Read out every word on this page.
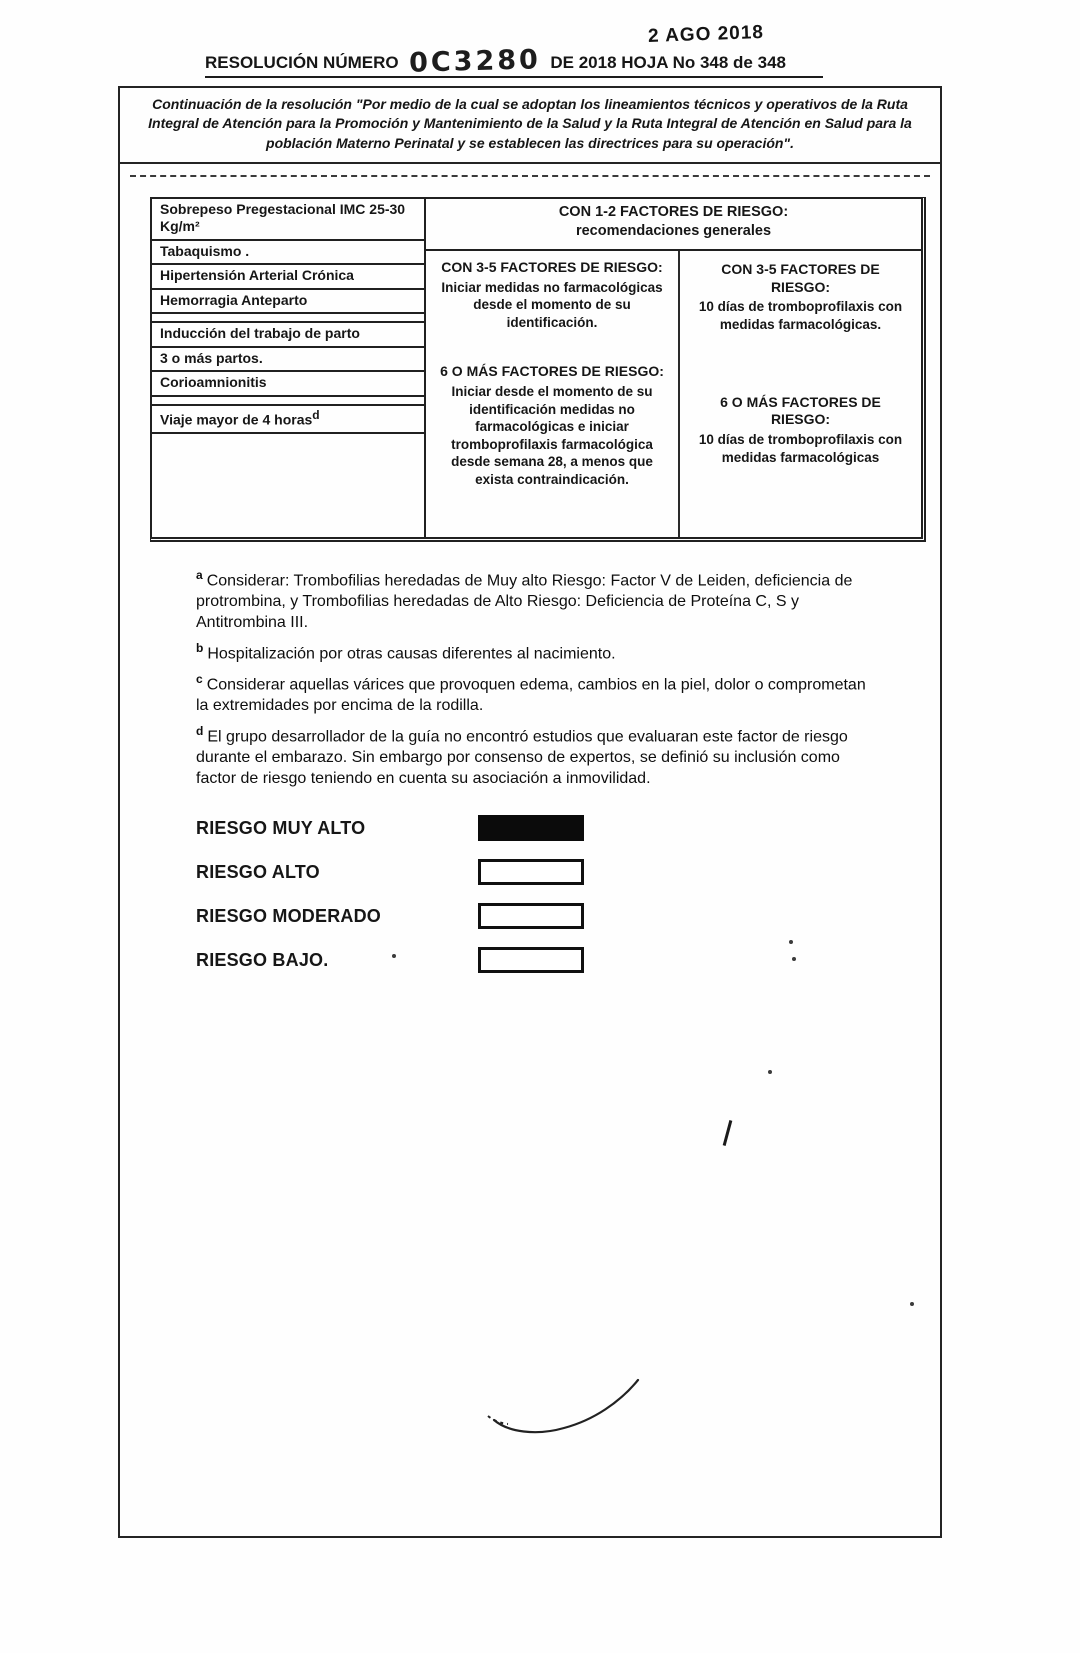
RESOLUCIÓN NÚMERO 0C3280 DE 2018 HOJA No 348 de 348
2 AGO 2018
Continuación de la resolución "Por medio de la cual se adoptan los lineamientos técnicos y operativos de la Ruta Integral de Atención para la Promoción y Mantenimiento de la Salud y la Ruta Integral de Atención en Salud para la población Materno Perinatal y se establecen las directrices para su operación".
Sobrepeso Pregestacional IMC 25-30 Kg/m²
Tabaquismo .
Hipertensión Arterial Crónica
Hemorragia Anteparto
Inducción del trabajo de parto
3 o más partos.
Corioamnionitis
Viaje mayor de 4 horas$^d$
CON 1-2 FACTORES DE RIESGO:
recomendaciones generales
CON 3-5 FACTORES DE RIESGO:
Iniciar medidas no farmacológicas desde el momento de su identificación.
6 O MÁS FACTORES DE RIESGO:
Iniciar desde el momento de su identificación medidas no farmacológicas e iniciar tromboprofilaxis farmacológica desde semana 28, a menos que exista contraindicación.
CON 3-5 FACTORES DE RIESGO:
10 días de tromboprofilaxis con medidas farmacológicas.
6 O MÁS FACTORES DE RIESGO:
10 días de tromboprofilaxis con medidas farmacológicas

$^a$ Considerar: Trombofilias heredadas de Muy alto Riesgo: Factor V de Leiden, deficiencia de protrombina, y Trombofilias heredadas de Alto Riesgo: Deficiencia de Proteína C, S y Antitrombina III.

$^b$ Hospitalización por otras causas diferentes al nacimiento.

$^c$ Considerar aquellas várices que provoquen edema, cambios en la piel, dolor o comprometan la extremidades por encima de la rodilla.

$^d$ El grupo desarrollador de la guía no encontró estudios que evaluaran este factor de riesgo durante el embarazo. Sin embargo por consenso de expertos, se definió su inclusión como factor de riesgo teniendo en cuenta su asociación a inmovilidad.

RIESGO MUY ALTO
RIESGO ALTO
RIESGO MODERADO
RIESGO BAJO.
